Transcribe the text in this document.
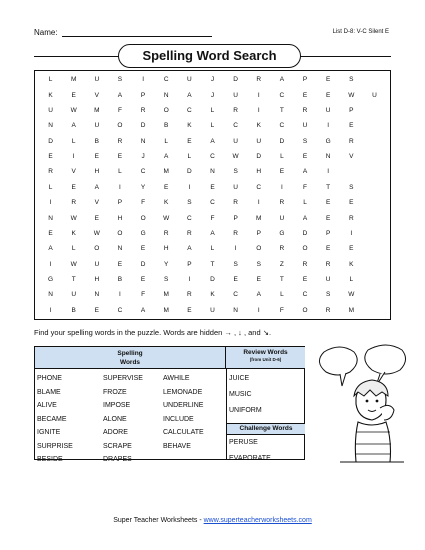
Name:	List D-8: V-C Silent E
Spelling Word Search
L	M	U	S	I	C	U	J	D	R	A	P	E	S
K	E	V	A	P	N	A	J	U	I	C	E	E	W	U
U	W	M	F	R	O	C	L	R	I	T	R	U	P
N	A	U	O	D	B	K	L	C	K	C	U	I	E
D	L	B	R	N	L	E	A	U	U	D	S	G	R
E	I	E	E	J	A	L	C	W	D	L	E	N	V
R	V	H	L	C	M	D	N	S	H	E	A	I
L	E	A	I	Y	E	I	E	U	C	I	F	T	S
I	R	V	P	F	K	S	C	R	I	R	L	E	E
N	W	E	H	O	W	C	F	P	M	U	A	E	R
E	K	W	O	G	R	R	A	R	P	G	D	P	I
A	L	O	N	E	H	A	L	I	O	R	O	E	E
I	W	U	E	D	Y	P	T	S	S	Z	R	R	K
G	T	H	B	E	S	I	D	E	E	T	E	U	L
N	U	N	I	F	M	R	K	C	A	L	C	S	W
I	B	E	C	A	M	E	U	N	I	F	O	R	M
Find your spelling words in the puzzle. Words are hidden → , ↓ , and ↘.
Spelling
Words
Review Words
(from Unit D-6)
PHONE
BLAME
ALIVE
BECAME
IGNITE
SURPRISE
BESIDE
SUPERVISE
FROZE
IMPOSE
ALONE
ADORE
SCRAPE
DRAPES
AWHILE
LEMONADE
UNDERLINE
INCLUDE
CALCULATE
BEHAVE
JUICE
MUSIC
UNIFORM
Challenge Words
PERUSE
EVAPORATE
Super Teacher Worksheets - www.superteacherworksheets.com
